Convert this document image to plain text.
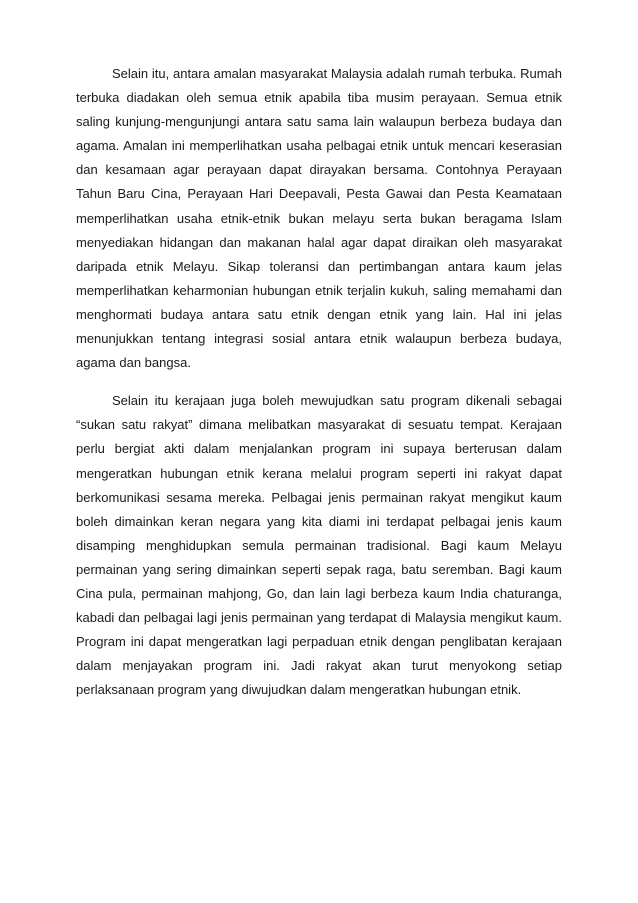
Selain itu, antara amalan masyarakat Malaysia adalah rumah terbuka. Rumah terbuka diadakan oleh semua etnik apabila tiba musim perayaan. Semua etnik saling kunjung-mengunjungi antara satu sama lain walaupun berbeza budaya dan agama. Amalan ini memperlihatkan usaha pelbagai etnik untuk mencari keserasian dan kesamaan agar perayaan dapat dirayakan bersama. Contohnya Perayaan Tahun Baru Cina, Perayaan Hari Deepavali, Pesta Gawai dan Pesta Keamataan memperlihatkan usaha etnik-etnik bukan melayu serta bukan beragama Islam menyediakan hidangan dan makanan halal agar dapat diraikan oleh masyarakat daripada etnik Melayu. Sikap toleransi dan pertimbangan antara kaum jelas memperlihatkan keharmonian hubungan etnik terjalin kukuh, saling memahami dan menghormati budaya antara satu etnik dengan etnik yang lain. Hal ini jelas menunjukkan tentang integrasi sosial antara etnik walaupun berbeza budaya, agama dan bangsa.

Selain itu kerajaan juga boleh mewujudkan satu program dikenali sebagai “sukan satu rakyat” dimana melibatkan masyarakat di sesuatu tempat. Kerajaan perlu bergiat akti dalam menjalankan program ini supaya berterusan dalam mengeratkan hubungan etnik kerana melalui program seperti ini rakyat dapat berkomunikasi sesama mereka. Pelbagai jenis permainan rakyat mengikut kaum boleh dimainkan keran negara yang kita diami ini terdapat pelbagai jenis kaum disamping menghidupkan semula permainan tradisional. Bagi kaum Melayu permainan yang sering dimainkan seperti sepak raga, batu seremban. Bagi kaum Cina pula, permainan mahjong, Go, dan lain lagi berbeza kaum India chaturanga, kabadi dan pelbagai lagi jenis permainan yang terdapat di Malaysia mengikut kaum. Program ini dapat mengeratkan lagi perpaduan etnik dengan penglibatan kerajaan dalam menjayakan program ini. Jadi rakyat akan turut menyokong setiap perlaksanaan program yang diwujudkan dalam mengeratkan hubungan etnik.
